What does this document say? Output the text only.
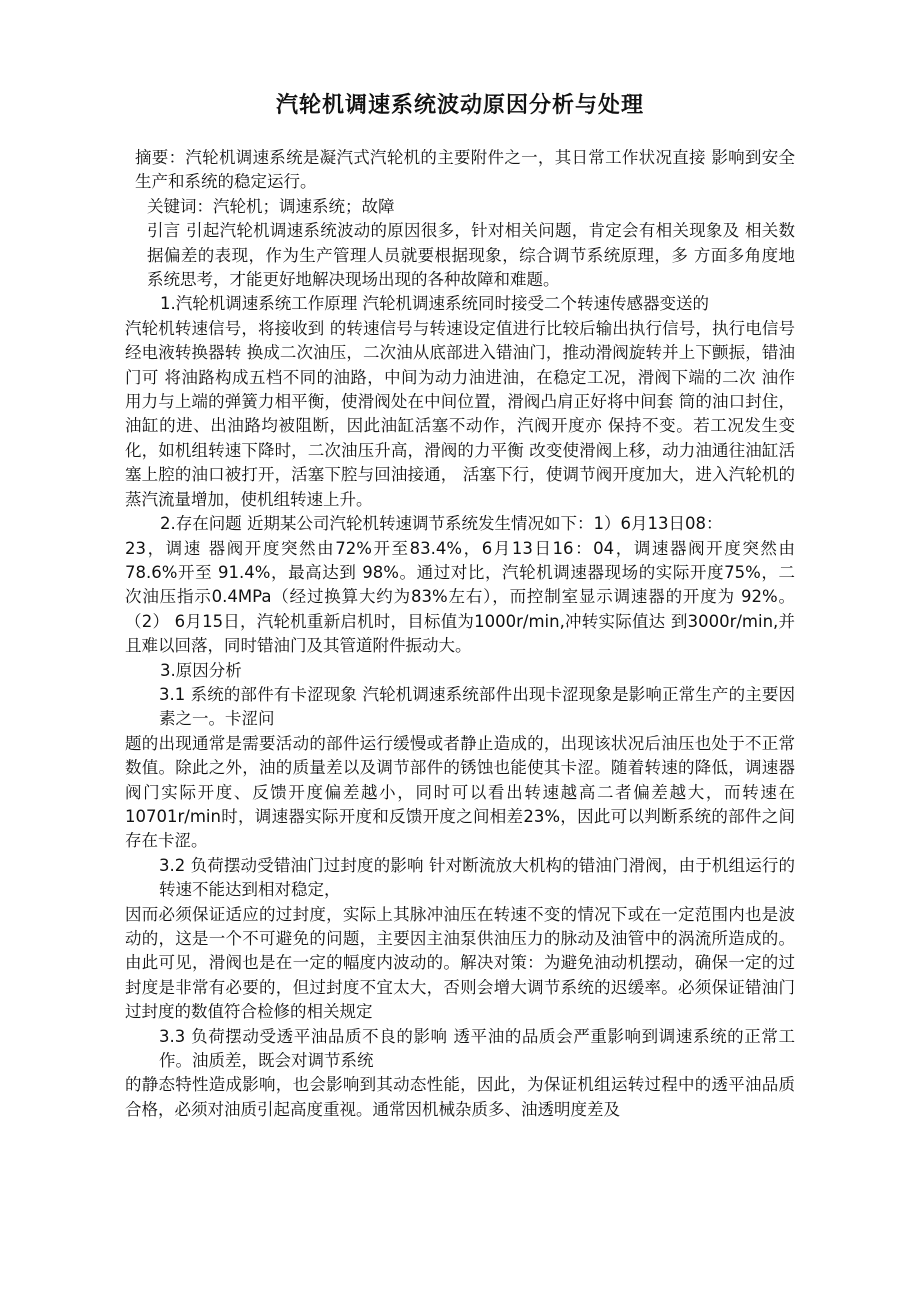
汽轮机调速系统波动原因分析与处理

摘要：汽轮机调速系统是凝汽式汽轮机的主要附件之一，其日常工作状况直接 影响到安全生产和系统的稳定运行。

关键词：汽轮机；调速系统；故障

引言 引起汽轮机调速系统波动的原因很多，针对相关问题，肯定会有相关现象及 相关数据偏差的表现，作为生产管理人员就要根据现象，综合调节系统原理，多 方面多角度地系统思考，才能更好地解决现场出现的各种故障和难题。

1.汽轮机调速系统工作原理 汽轮机调速系统同时接受二个转速传感器变送的

汽轮机转速信号，将接收到 的转速信号与转速设定值进行比较后输出执行信号，执行电信号经电液转换器转 换成二次油压，二次油从底部进入错油门，推动滑阀旋转并上下颤振，错油门可 将油路构成五档不同的油路，中间为动力油进油，在稳定工况，滑阀下端的二次 油作用力与上端的弹簧力相平衡，使滑阀处在中间位置，滑阀凸肩正好将中间套 筒的油口封住，油缸的进、出油路均被阻断，因此油缸活塞不动作，汽阀开度亦 保持不变。若工况发生变化，如机组转速下降时，二次油压升高，滑阀的力平衡 改变使滑阀上移，动力油通往油缸活塞上腔的油口被打开，活塞下腔与回油接通， 活塞下行，使调节阀开度加大，进入汽轮机的蒸汽流量增加，使机组转速上升。

2.存在问题 近期某公司汽轮机转速调节系统发生情况如下：1）6月13日08：

23，调速 器阀开度突然由72%开至83.4%，6月13日16：04，调速器阀开度突然由78.6%开至 91.4%，最高达到 98%。通过对比，汽轮机调速器现场的实际开度75%，二 次油压指示0.4MPa（经过换算大约为83%左右），而控制室显示调速器的开度为 92%。（2） 6月15日，汽轮机重新启机时，目标值为1000r/min,冲转实际值达 到3000r/min,并且难以回落，同时错油门及其管道附件振动大。

3.原因分析

3.1 系统的部件有卡涩现象 汽轮机调速系统部件出现卡涩现象是影响正常生产的主要因素之一。卡涩问

题的出现通常是需要活动的部件运行缓慢或者静止造成的，出现该状况后油压也处于不正常数值。除此之外，油的质量差以及调节部件的锈蚀也能使其卡涩。随着转速的降低，调速器阀门实际开度、反馈开度偏差越小，同时可以看出转速越高二者偏差越大，而转速在10701r/min时，调速器实际开度和反馈开度之间相差23%，因此可以判断系统的部件之间存在卡涩。

3.2 负荷摆动受错油门过封度的影响 针对断流放大机构的错油门滑阀，由于机组运行的转速不能达到相对稳定，

因而必须保证适应的过封度，实际上其脉冲油压在转速不变的情况下或在一定范围内也是波动的，这是一个不可避免的问题，主要因主油泵供油压力的脉动及油管中的涡流所造成的。由此可见，滑阀也是在一定的幅度内波动的。解决对策：为避免油动机摆动，确保一定的过封度是非常有必要的，但过封度不宜太大，否则会增大调节系统的迟缓率。必须保证错油门过封度的数值符合检修的相关规定

3.3 负荷摆动受透平油品质不良的影响 透平油的品质会严重影响到调速系统的正常工作。油质差，既会对调节系统

的静态特性造成影响，也会影响到其动态性能，因此，为保证机组运转过程中的透平油品质合格，必须对油质引起高度重视。通常因机械杂质多、油透明度差及
